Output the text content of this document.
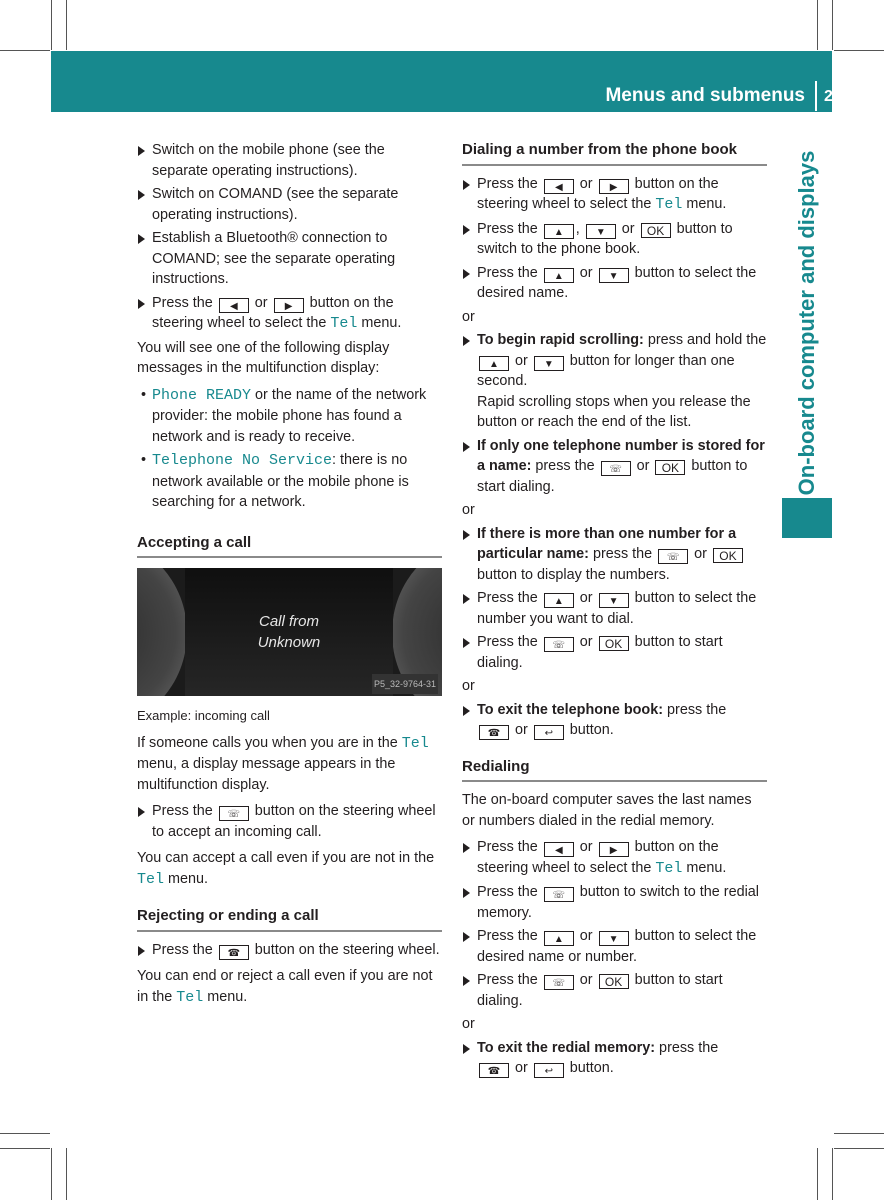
Menus and submenus 271
On-board computer and displays
Switch on the mobile phone (see the separate operating instructions).
Switch on COMAND (see the separate operating instructions).
Establish a Bluetooth® connection to COMAND; see the separate operating instructions.
Press the ◀ or ▶ button on the steering wheel to select the Tel menu.
You will see one of the following display messages in the multifunction display:
• Phone READY or the name of the network provider: the mobile phone has found a network and is ready to receive.
• Telephone No Service: there is no network available or the mobile phone is searching for a network.
Accepting a call
Call from
Unknown
P5_32-9764-31
Example: incoming call
If someone calls you when you are in the Tel menu, a display message appears in the multifunction display.
Press the ☏ button on the steering wheel to accept an incoming call.
You can accept a call even if you are not in the Tel menu.
Rejecting or ending a call
Press the ☎ button on the steering wheel.
You can end or reject a call even if you are not in the Tel menu.
Dialing a number from the phone book
Press the ◀ or ▶ button on the steering wheel to select the Tel menu.
Press the ▲ , ▼ or OK button to switch to the phone book.
Press the ▲ or ▼ button to select the desired name.
or
To begin rapid scrolling: press and hold the ▲ or ▼ button for longer than one second.
Rapid scrolling stops when you release the button or reach the end of the list.
If only one telephone number is stored for a name: press the ☏ or OK button to start dialing.
or
If there is more than one number for a particular name: press the ☏ or OK button to display the numbers.
Press the ▲ or ▼ button to select the number you want to dial.
Press the ☏ or OK button to start dialing.
or
To exit the telephone book: press the
☎ or ↩ button.
Redialing
The on-board computer saves the last names or numbers dialed in the redial memory.
Press the ◀ or ▶ button on the steering wheel to select the Tel menu.
Press the ☏ button to switch to the redial memory.
Press the ▲ or ▼ button to select the desired name or number.
Press the ☏ or OK button to start dialing.
or
To exit the redial memory: press the
☎ or ↩ button.
